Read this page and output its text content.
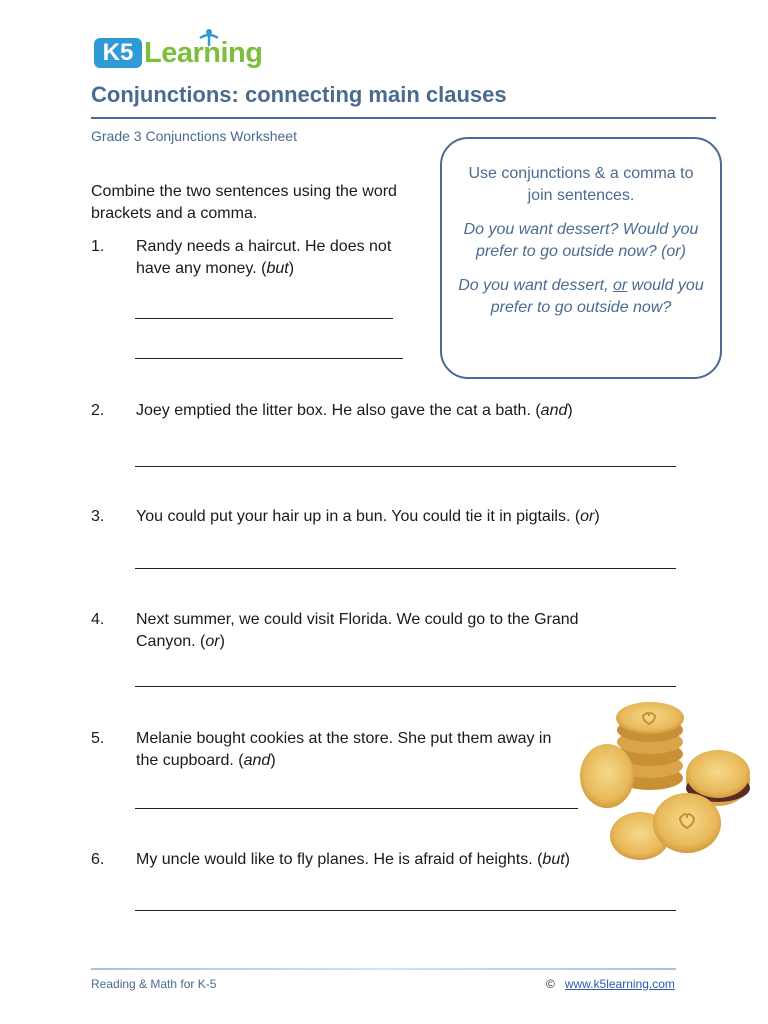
K5 Learning
Conjunctions: connecting main clauses
Grade 3 Conjunctions Worksheet
Combine the two sentences using the word brackets and a comma.

Use conjunctions & a comma to join sentences.

Do you want dessert? Would you prefer to go outside now? (or)

Do you want dessert, or would you prefer to go outside now?

1. Randy needs a haircut. He does not have any money. (but)
2. Joey emptied the litter box. He also gave the cat a bath. (and)
3. You could put your hair up in a bun. You could tie it in pigtails. (or)
4. Next summer, we could visit Florida. We could go to the Grand Canyon. (or)
5. Melanie bought cookies at the store. She put them away in the cupboard. (and)
6. My uncle would like to fly planes. He is afraid of heights. (but)
Reading & Math for K-5	© www.k5learning.com
